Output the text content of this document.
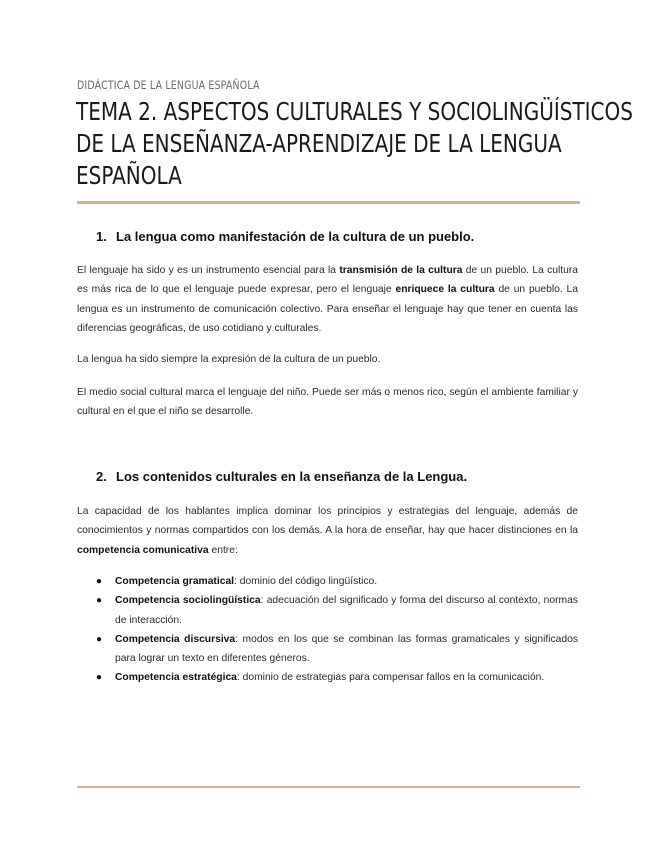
DIDÁCTICA DE LA LENGUA ESPAÑOLA
TEMA 2. ASPECTOS CULTURALES Y SOCIOLINGÜÍSTICOS
DE LA ENSEÑANZA-APRENDIZAJE DE LA LENGUA
ESPAÑOLA
1. La lengua como manifestación de la cultura de un pueblo.

El lenguaje ha sido y es un instrumento esencial para la transmisión de la cultura de un pueblo. La cultura es más rica de lo que el lenguaje puede expresar, pero el lenguaje enriquece la cultura de un pueblo. La lengua es un instrumento de comunicación colectivo. Para enseñar el lenguaje hay que tener en cuenta las diferencias geográficas, de uso cotidiano y culturales.

La lengua ha sido siempre la expresión de la cultura de un pueblo.

El medio social cultural marca el lenguaje del niño. Puede ser más o menos rico, según el ambiente familiar y cultural en el que el niño se desarrolle.

2. Los contenidos culturales en la enseñanza de la Lengua.

La capacidad de los hablantes implica dominar los principios y estrategias del lenguaje, además de conocimientos y normas compartidos con los demás. A la hora de enseñar, hay que hacer distinciones en la competencia comunicativa entre:

● Competencia gramatical: dominio del código lingüístico.
● Competencia sociolingüística: adecuación del significado y forma del discurso al contexto, normas de interacción.
● Competencia discursiva: modos en los que se combinan las formas gramaticales y significados para lograr un texto en diferentes géneros.
● Competencia estratégica: dominio de estrategias para compensar fallos en la comunicación.
